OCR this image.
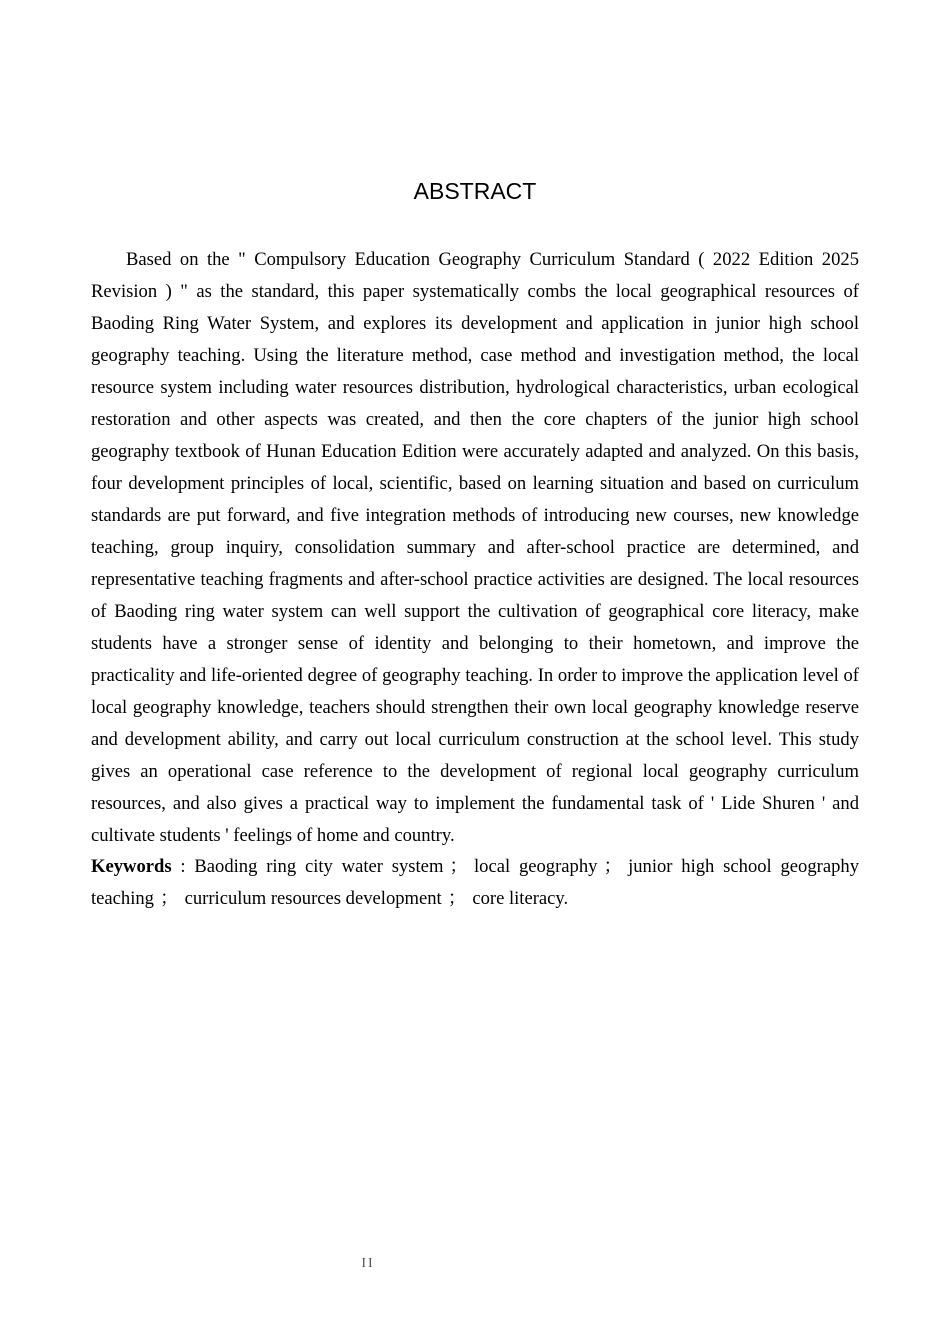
ABSTRACT

Based on the " Compulsory Education Geography Curriculum Standard ( 2022 Edition 2025 Revision ) " as the standard, this paper systematically combs the local geographical resources of Baoding Ring Water System, and explores its development and application in junior high school geography teaching. Using the literature method, case method and investigation method, the local resource system including water resources distribution, hydrological characteristics, urban ecological restoration and other aspects was created, and then the core chapters of the junior high school geography textbook of Hunan Education Edition were accurately adapted and analyzed. On this basis, four development principles of local, scientific, based on learning situation and based on curriculum standards are put forward, and five integration methods of introducing new courses, new knowledge teaching, group inquiry, consolidation summary and after-school practice are determined, and representative teaching fragments and after-school practice activities are designed. The local resources of Baoding ring water system can well support the cultivation of geographical core literacy, make students have a stronger sense of identity and belonging to their hometown, and improve the practicality and life-oriented degree of geography teaching. In order to improve the application level of local geography knowledge, teachers should strengthen their own local geography knowledge reserve and development ability, and carry out local curriculum construction at the school level. This study gives an operational case reference to the development of regional local geography curriculum resources, and also gives a practical way to implement the fundamental task of ' Lide Shuren ' and cultivate students ' feelings of home and country.

Keywords : Baoding ring city water system ； local geography ； junior high school geography teaching ； curriculum resources development ； core literacy.

II
